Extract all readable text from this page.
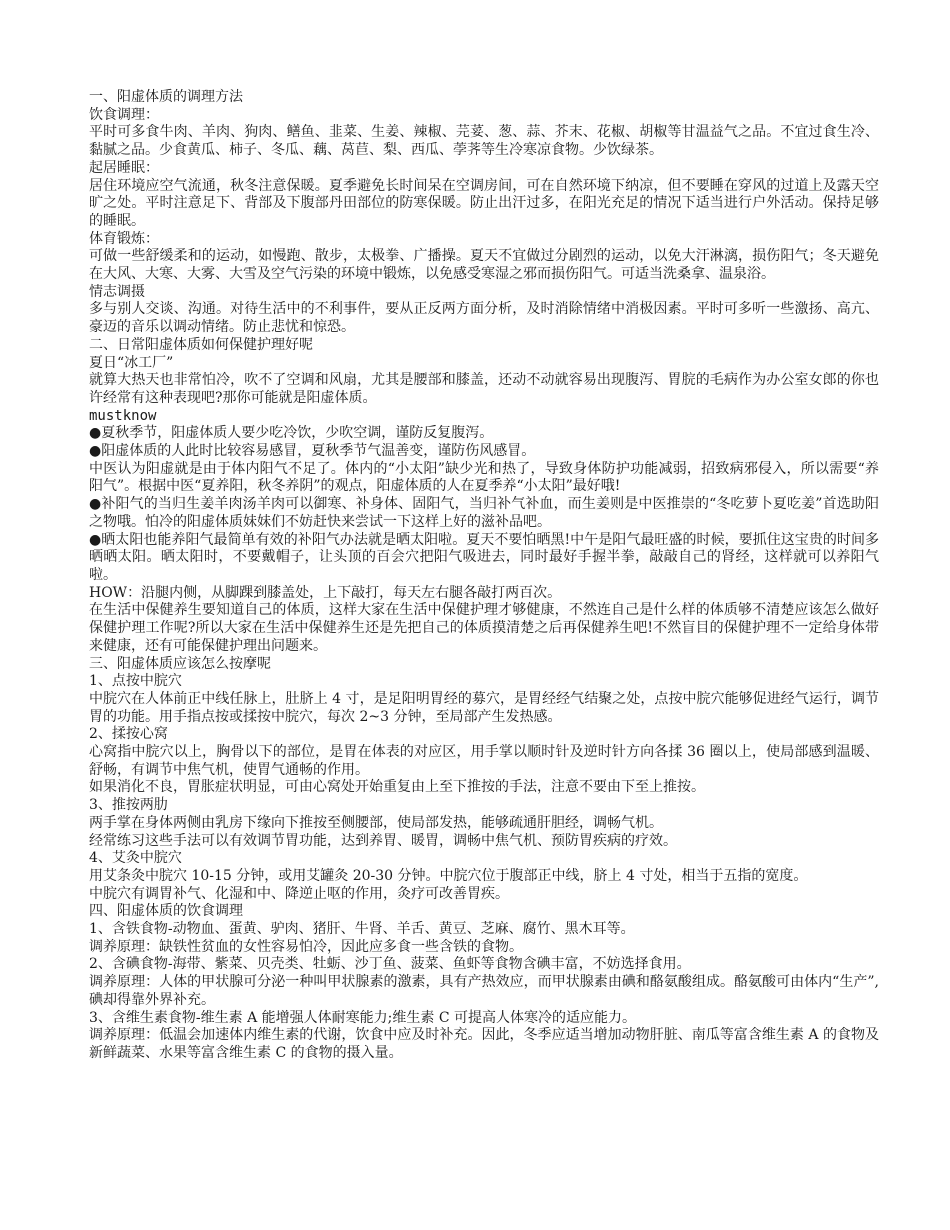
一、阳虚体质的调理方法

饮食调理：

平时可多食牛肉、羊肉、狗肉、鳝鱼、韭菜、生姜、辣椒、芫荽、葱、蒜、芥末、花椒、胡椒等甘温益气之品。不宜过食生冷、黏腻之品。少食黄瓜、柿子、冬瓜、藕、莴苣、梨、西瓜、荸荠等生冷寒凉食物。少饮绿茶。

起居睡眠：

居住环境应空气流通，秋冬注意保暖。夏季避免长时间呆在空调房间，可在自然环境下纳凉，但不要睡在穿风的过道上及露天空旷之处。平时注意足下、背部及下腹部丹田部位的防寒保暖。防止出汗过多，在阳光充足的情况下适当进行户外活动。保持足够的睡眠。

体育锻炼：

可做一些舒缓柔和的运动，如慢跑、散步，太极拳、广播操。夏天不宜做过分剧烈的运动，以免大汗淋漓，损伤阳气；冬天避免在大风、大寒、大雾、大雪及空气污染的环境中锻炼，以免感受寒湿之邪而损伤阳气。可适当洗桑拿、温泉浴。

情志调摄

多与别人交谈、沟通。对待生活中的不利事件，要从正反两方面分析，及时消除情绪中消极因素。平时可多听一些激扬、高亢、豪迈的音乐以调动情绪。防止悲忧和惊恐。

二、日常阳虚体质如何保健护理好呢

夏日“冰工厂”

就算大热天也非常怕冷，吹不了空调和风扇，尤其是腰部和膝盖，还动不动就容易出现腹泻、胃脘的毛病作为办公室女郎的你也许经常有这种表现吧?那你可能就是阳虚体质。

mustknow

●夏秋季节，阳虚体质人要少吃冷饮，少吹空调，谨防反复腹泻。

●阳虚体质的人此时比较容易感冒，夏秋季节气温善变，谨防伤风感冒。

中医认为阳虚就是由于体内阳气不足了。体内的“小太阳”缺少光和热了，导致身体防护功能减弱，招致病邪侵入，所以需要“养阳气”。根据中医“夏养阳，秋冬养阴”的观点，阳虚体质的人在夏季养“小太阳”最好哦!

●补阳气的当归生姜羊肉汤羊肉可以御寒、补身体、固阳气，当归补气补血，而生姜则是中医推崇的“冬吃萝卜夏吃姜”首选助阳之物哦。怕冷的阳虚体质妹妹们不妨赶快来尝试一下这样上好的滋补品吧。

●晒太阳也能养阳气最简单有效的补阳气办法就是晒太阳啦。夏天不要怕晒黑!中午是阳气最旺盛的时候，要抓住这宝贵的时间多晒晒太阳。晒太阳时，不要戴帽子，让头顶的百会穴把阳气吸进去，同时最好手握半拳，敲敲自己的肾经，这样就可以养阳气啦。

HOW：沿腿内侧，从脚踝到膝盖处，上下敲打，每天左右腿各敲打两百次。

在生活中保健养生要知道自己的体质，这样大家在生活中保健护理才够健康，不然连自己是什么样的体质够不清楚应该怎么做好保健护理工作呢?所以大家在生活中保健养生还是先把自己的体质摸清楚之后再保健养生吧!不然盲目的保健护理不一定给身体带来健康，还有可能保健护理出问题来。

三、阳虚体质应该怎么按摩呢

1、点按中脘穴

中脘穴在人体前正中线任脉上，肚脐上 4 寸，是足阳明胃经的募穴，是胃经经气结聚之处，点按中脘穴能够促进经气运行，调节胃的功能。用手指点按或揉按中脘穴，每次 2~3 分钟，至局部产生发热感。

2、揉按心窝

心窝指中脘穴以上，胸骨以下的部位，是胃在体表的对应区，用手掌以顺时针及逆时针方向各揉 36 圈以上，使局部感到温暖、舒畅，有调节中焦气机，使胃气通畅的作用。

如果消化不良，胃胀症状明显，可由心窝处开始重复由上至下推按的手法，注意不要由下至上推按。

3、推按两肋

两手掌在身体两侧由乳房下缘向下推按至侧腰部，使局部发热，能够疏通肝胆经，调畅气机。

经常练习这些手法可以有效调节胃功能，达到养胃、暖胃，调畅中焦气机、预防胃疾病的疗效。

4、艾灸中脘穴

用艾条灸中脘穴 10-15 分钟，或用艾罐灸 20-30 分钟。中脘穴位于腹部正中线，脐上 4 寸处，相当于五指的宽度。

中脘穴有调胃补气、化湿和中、降逆止呕的作用，灸疗可改善胃疾。

四、阳虚体质的饮食调理

1、含铁食物-动物血、蛋黄、驴肉、猪肝、牛肾、羊舌、黄豆、芝麻、腐竹、黑木耳等。

调养原理：缺铁性贫血的女性容易怕冷，因此应多食一些含铁的食物。

2、含碘食物-海带、紫菜、贝壳类、牡蛎、沙丁鱼、菠菜、鱼虾等食物含碘丰富，不妨选择食用。

调养原理：人体的甲状腺可分泌一种叫甲状腺素的激素，具有产热效应，而甲状腺素由碘和酪氨酸组成。酪氨酸可由体内“生产”,碘却得靠外界补充。

3、含维生素食物-维生素 A 能增强人体耐寒能力;维生素 C 可提高人体寒冷的适应能力。

调养原理：低温会加速体内维生素的代谢，饮食中应及时补充。因此，冬季应适当增加动物肝脏、南瓜等富含维生素 A 的食物及新鲜蔬菜、水果等富含维生素 C 的食物的摄入量。
